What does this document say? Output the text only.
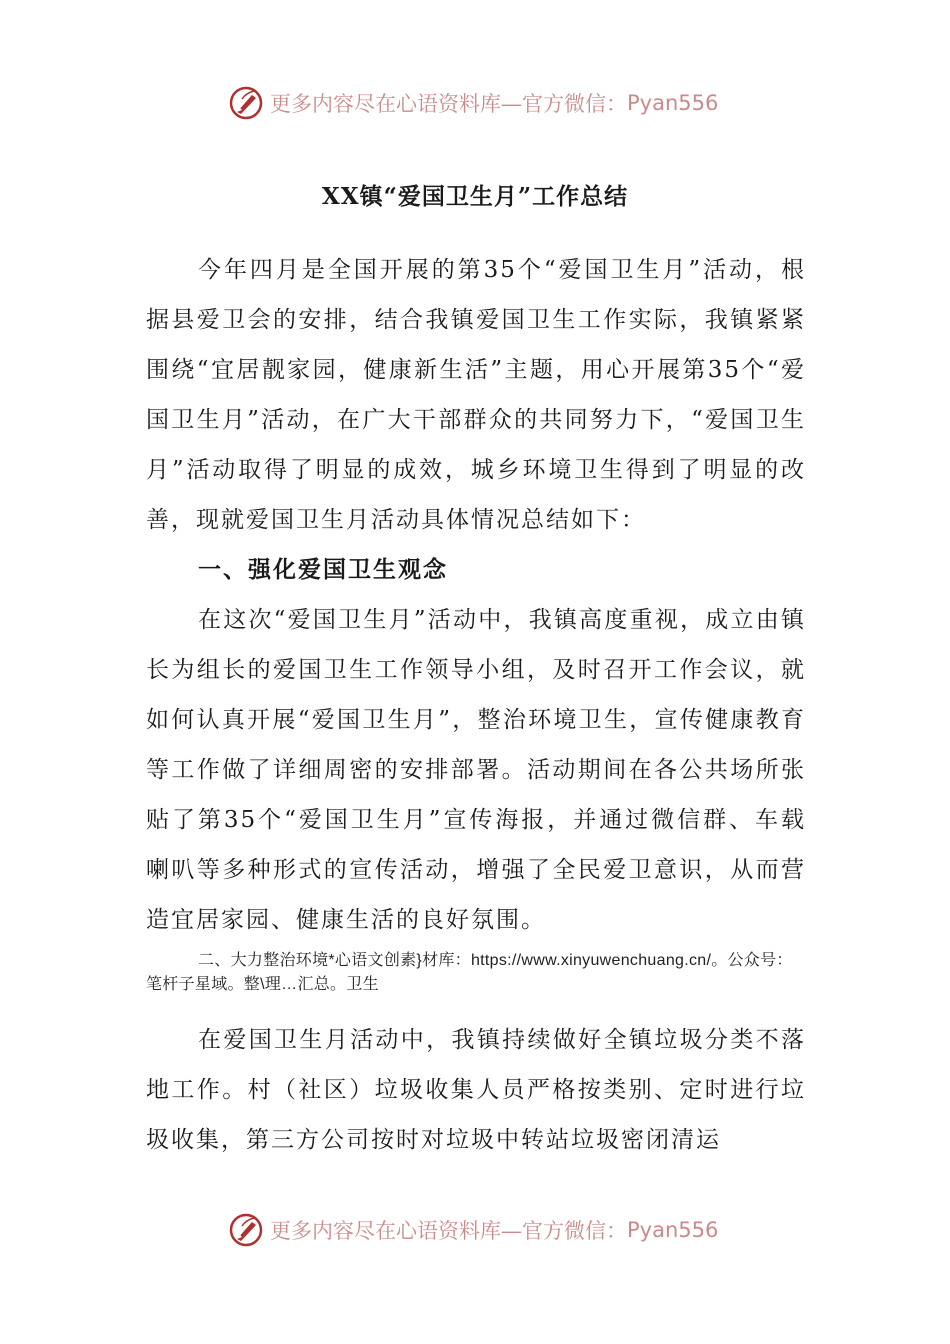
更多内容尽在心语资料库—官方微信： Pyan556
XX镇“爱国卫生月”工作总结

今年四月是全国开展的第35个“爱国卫生月”活动，根据县爱卫会的安排，结合我镇爱国卫生工作实际，我镇紧紧围绕“宜居靓家园，健康新生活”主题，用心开展第35个“爱国卫生月”活动，在广大干部群众的共同努力下，“爱国卫生月”活动取得了明显的成效，城乡环境卫生得到了明显的改善，现就爱国卫生月活动具体情况总结如下：

一、强化爱国卫生观念

在这次“爱国卫生月”活动中，我镇高度重视，成立由镇长为组长的爱国卫生工作领导小组，及时召开工作会议，就如何认真开展“爱国卫生月”，整治环境卫生，宣传健康教育等工作做了详细周密的安排部署。活动期间在各公共场所张贴了第35个“爱国卫生月”宣传海报，并通过微信群、车载喇叭等多种形式的宣传活动，增强了全民爱卫意识，从而营造宜居家园、健康生活的良好氛围。

二、大力整治环境*心语文创素}材库：https://www.xinyuwenchuang.cn/。公众号：笔杆子星域。整\理…汇总。卫生

在爱国卫生月活动中，我镇持续做好全镇垃圾分类不落地工作。村（社区）垃圾收集人员严格按类别、定时进行垃圾收集，第三方公司按时对垃圾中转站垃圾密闭清运

更多内容尽在心语资料库—官方微信： Pyan556
